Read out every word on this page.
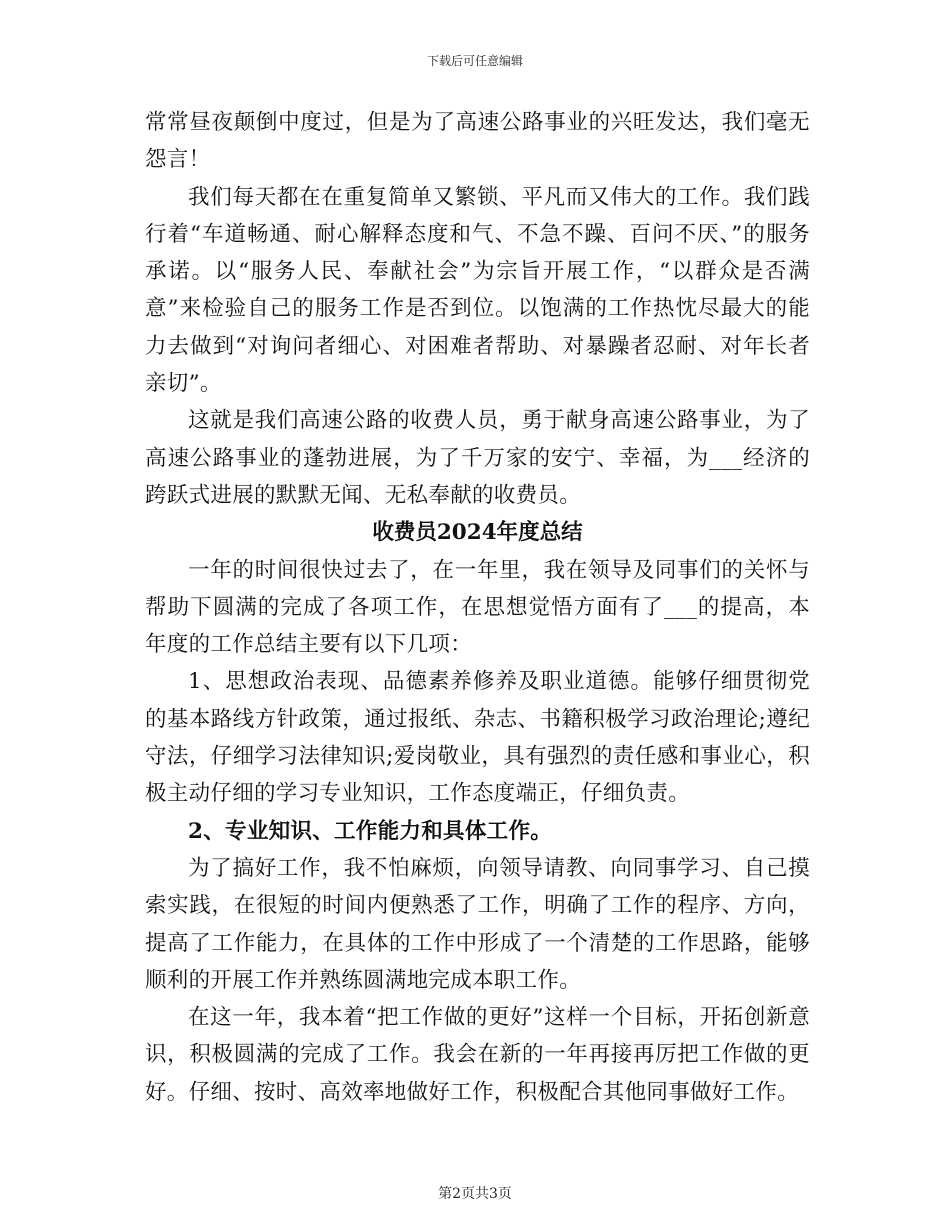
下载后可任意编辑

常常昼夜颠倒中度过，但是为了高速公路事业的兴旺发达，我们毫无怨言！

我们每天都在在重复简单又繁锁、平凡而又伟大的工作。我们践行着“车道畅通、耐心解释态度和气、不急不躁、百问不厌、”的服务承诺。以“服务人民、奉献社会”为宗旨开展工作，“以群众是否满意”来检验自己的服务工作是否到位。以饱满的工作热忱尽最大的能力去做到“对询问者细心、对困难者帮助、对暴躁者忍耐、对年长者亲切”。

这就是我们高速公路的收费人员，勇于献身高速公路事业，为了高速公路事业的蓬勃进展，为了千万家的安宁、幸福，为___经济的跨跃式进展的默默无闻、无私奉献的收费员。

收费员2024年度总结

一年的时间很快过去了，在一年里，我在领导及同事们的关怀与帮助下圆满的完成了各项工作，在思想觉悟方面有了___的提高，本年度的工作总结主要有以下几项：

1、思想政治表现、品德素养修养及职业道德。能够仔细贯彻党的基本路线方针政策，通过报纸、杂志、书籍积极学习政治理论;遵纪守法，仔细学习法律知识;爱岗敬业，具有强烈的责任感和事业心，积极主动仔细的学习专业知识，工作态度端正，仔细负责。

2、专业知识、工作能力和具体工作。

为了搞好工作，我不怕麻烦，向领导请教、向同事学习、自己摸索实践，在很短的时间内便熟悉了工作，明确了工作的程序、方向，提高了工作能力，在具体的工作中形成了一个清楚的工作思路，能够顺利的开展工作并熟练圆满地完成本职工作。

在这一年，我本着“把工作做的更好”这样一个目标，开拓创新意识，积极圆满的完成了工作。我会在新的一年再接再厉把工作做的更好。仔细、按时、高效率地做好工作，积极配合其他同事做好工作。

第2页共3页
